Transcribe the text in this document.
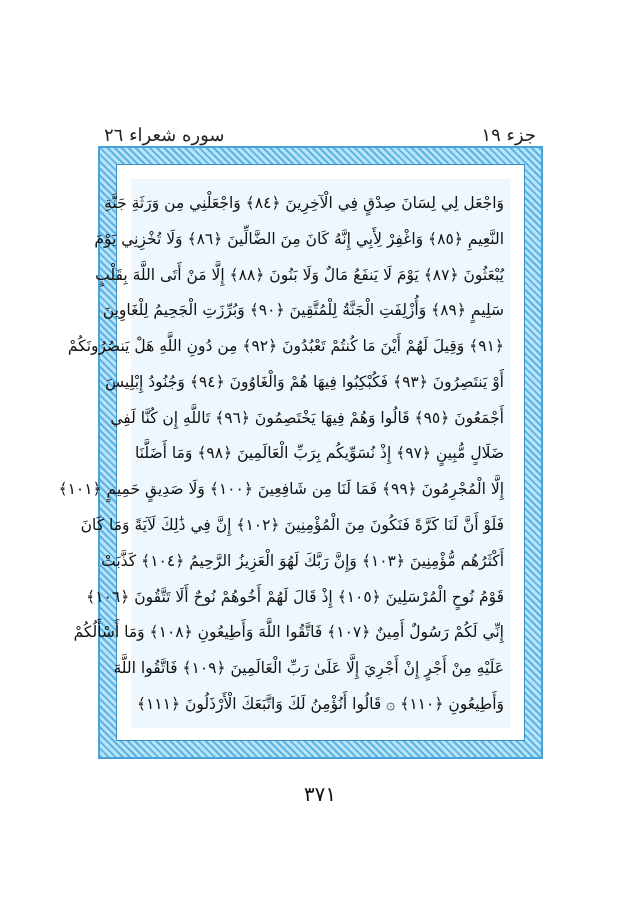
جزء ١٩
سوره شعراء ٢٦
وَاجْعَل لِي لِسَانَ صِدْقٍ فِي الْآخِرِينَ ﴿٨٤﴾ وَاجْعَلْنِي مِن وَرَثَةِ جَنَّةِ
النَّعِيمِ ﴿٨٥﴾ وَاغْفِرْ لِأَبِي إِنَّهُ كَانَ مِنَ الضَّالِّينَ ﴿٨٦﴾ وَلَا تُخْزِنِي يَوْمَ
يُبْعَثُونَ ﴿٨٧﴾ يَوْمَ لَا يَنفَعُ مَالٌ وَلَا بَنُونَ ﴿٨٨﴾ إِلَّا مَنْ أَتَى اللَّهَ بِقَلْبٍ
سَلِيمٍ ﴿٨٩﴾ وَأُزْلِفَتِ الْجَنَّةُ لِلْمُتَّقِينَ ﴿٩٠﴾ وَبُرِّزَتِ الْجَحِيمُ لِلْغَاوِينَ
﴿٩١﴾ وَقِيلَ لَهُمْ أَيْنَ مَا كُنتُمْ تَعْبُدُونَ ﴿٩٢﴾ مِن دُونِ اللَّهِ هَلْ يَنصُرُونَكُمْ
أَوْ يَنتَصِرُونَ ﴿٩٣﴾ فَكُبْكِبُوا فِيهَا هُمْ وَالْغَاوُونَ ﴿٩٤﴾ وَجُنُودُ إِبْلِيسَ
أَجْمَعُونَ ﴿٩٥﴾ قَالُوا وَهُمْ فِيهَا يَخْتَصِمُونَ ﴿٩٦﴾ تَاللَّهِ إِن كُنَّا لَفِي
ضَلَالٍ مُّبِينٍ ﴿٩٧﴾ إِذْ نُسَوِّيكُم بِرَبِّ الْعَالَمِينَ ﴿٩٨﴾ وَمَا أَضَلَّنَا
إِلَّا الْمُجْرِمُونَ ﴿٩٩﴾ فَمَا لَنَا مِن شَافِعِينَ ﴿١٠٠﴾ وَلَا صَدِيقٍ حَمِيمٍ ﴿١٠١﴾
فَلَوْ أَنَّ لَنَا كَرَّةً فَنَكُونَ مِنَ الْمُؤْمِنِينَ ﴿١٠٢﴾ إِنَّ فِي ذَٰلِكَ لَآيَةً وَمَا كَانَ
أَكْثَرُهُم مُّؤْمِنِينَ ﴿١٠٣﴾ وَإِنَّ رَبَّكَ لَهُوَ الْعَزِيزُ الرَّحِيمُ ﴿١٠٤﴾ كَذَّبَتْ
قَوْمُ نُوحٍ الْمُرْسَلِينَ ﴿١٠٥﴾ إِذْ قَالَ لَهُمْ أَخُوهُمْ نُوحٌ أَلَا تَتَّقُونَ ﴿١٠٦﴾
إِنِّي لَكُمْ رَسُولٌ أَمِينٌ ﴿١٠٧﴾ فَاتَّقُوا اللَّهَ وَأَطِيعُونِ ﴿١٠٨﴾ وَمَا أَسْأَلُكُمْ
عَلَيْهِ مِنْ أَجْرٍ إِنْ أَجْرِيَ إِلَّا عَلَىٰ رَبِّ الْعَالَمِينَ ﴿١٠٩﴾ فَاتَّقُوا اللَّهَ
وَأَطِيعُونِ ﴿١١٠﴾ ۞ قَالُوا أَنُؤْمِنُ لَكَ وَاتَّبَعَكَ الْأَرْذَلُونَ ﴿١١١﴾
٣٧١
